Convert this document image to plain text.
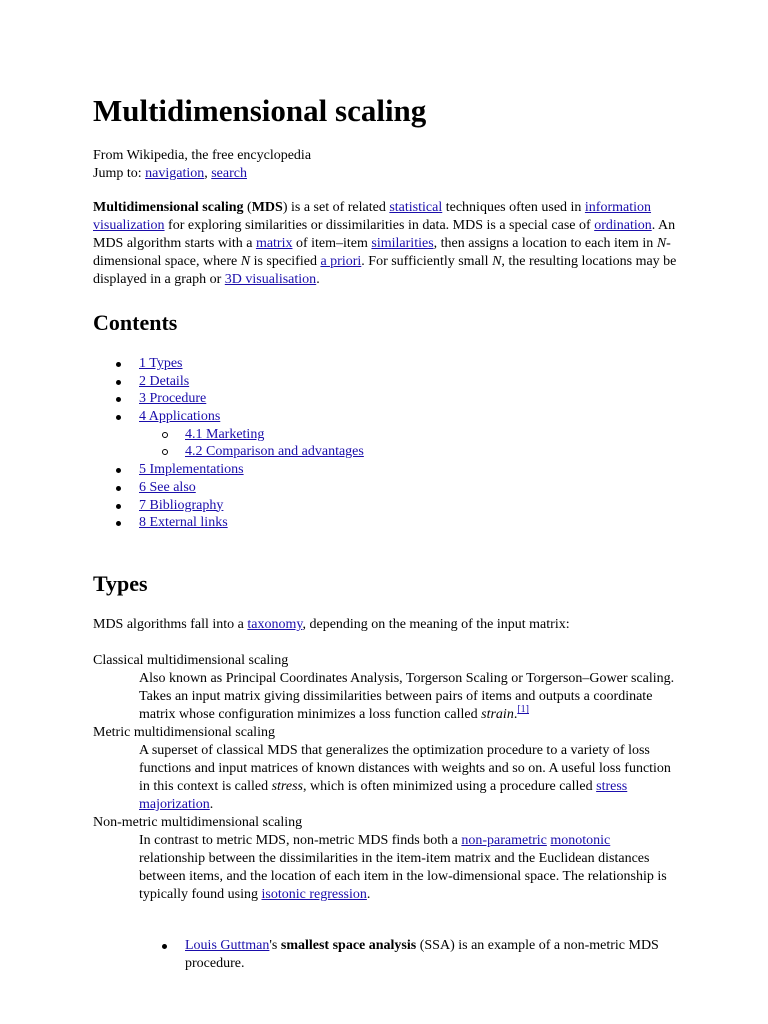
Multidimensional scaling
From Wikipedia, the free encyclopedia
Jump to: navigation, search

Multidimensional scaling (MDS) is a set of related statistical techniques often used in information visualization for exploring similarities or dissimilarities in data. MDS is a special case of ordination. An MDS algorithm starts with a matrix of item–item similarities, then assigns a location to each item in N-dimensional space, where N is specified a priori. For sufficiently small N, the resulting locations may be displayed in a graph or 3D visualisation.

Contents
1 Types
2 Details
3 Procedure
4 Applications
4.1 Marketing
4.2 Comparison and advantages
5 Implementations
6 See also
7 Bibliography
8 External links
Types

MDS algorithms fall into a taxonomy, depending on the meaning of the input matrix:

Classical multidimensional scaling
Also known as Principal Coordinates Analysis, Torgerson Scaling or Torgerson–Gower scaling. Takes an input matrix giving dissimilarities between pairs of items and outputs a coordinate matrix whose configuration minimizes a loss function called strain.[1]
Metric multidimensional scaling
A superset of classical MDS that generalizes the optimization procedure to a variety of loss functions and input matrices of known distances with weights and so on. A useful loss function in this context is called stress, which is often minimized using a procedure called stress majorization.
Non-metric multidimensional scaling
In contrast to metric MDS, non-metric MDS finds both a non-parametric monotonic relationship between the dissimilarities in the item-item matrix and the Euclidean distances between items, and the location of each item in the low-dimensional space. The relationship is typically found using isotonic regression.
Louis Guttman's smallest space analysis (SSA) is an example of a non-metric MDS procedure.
